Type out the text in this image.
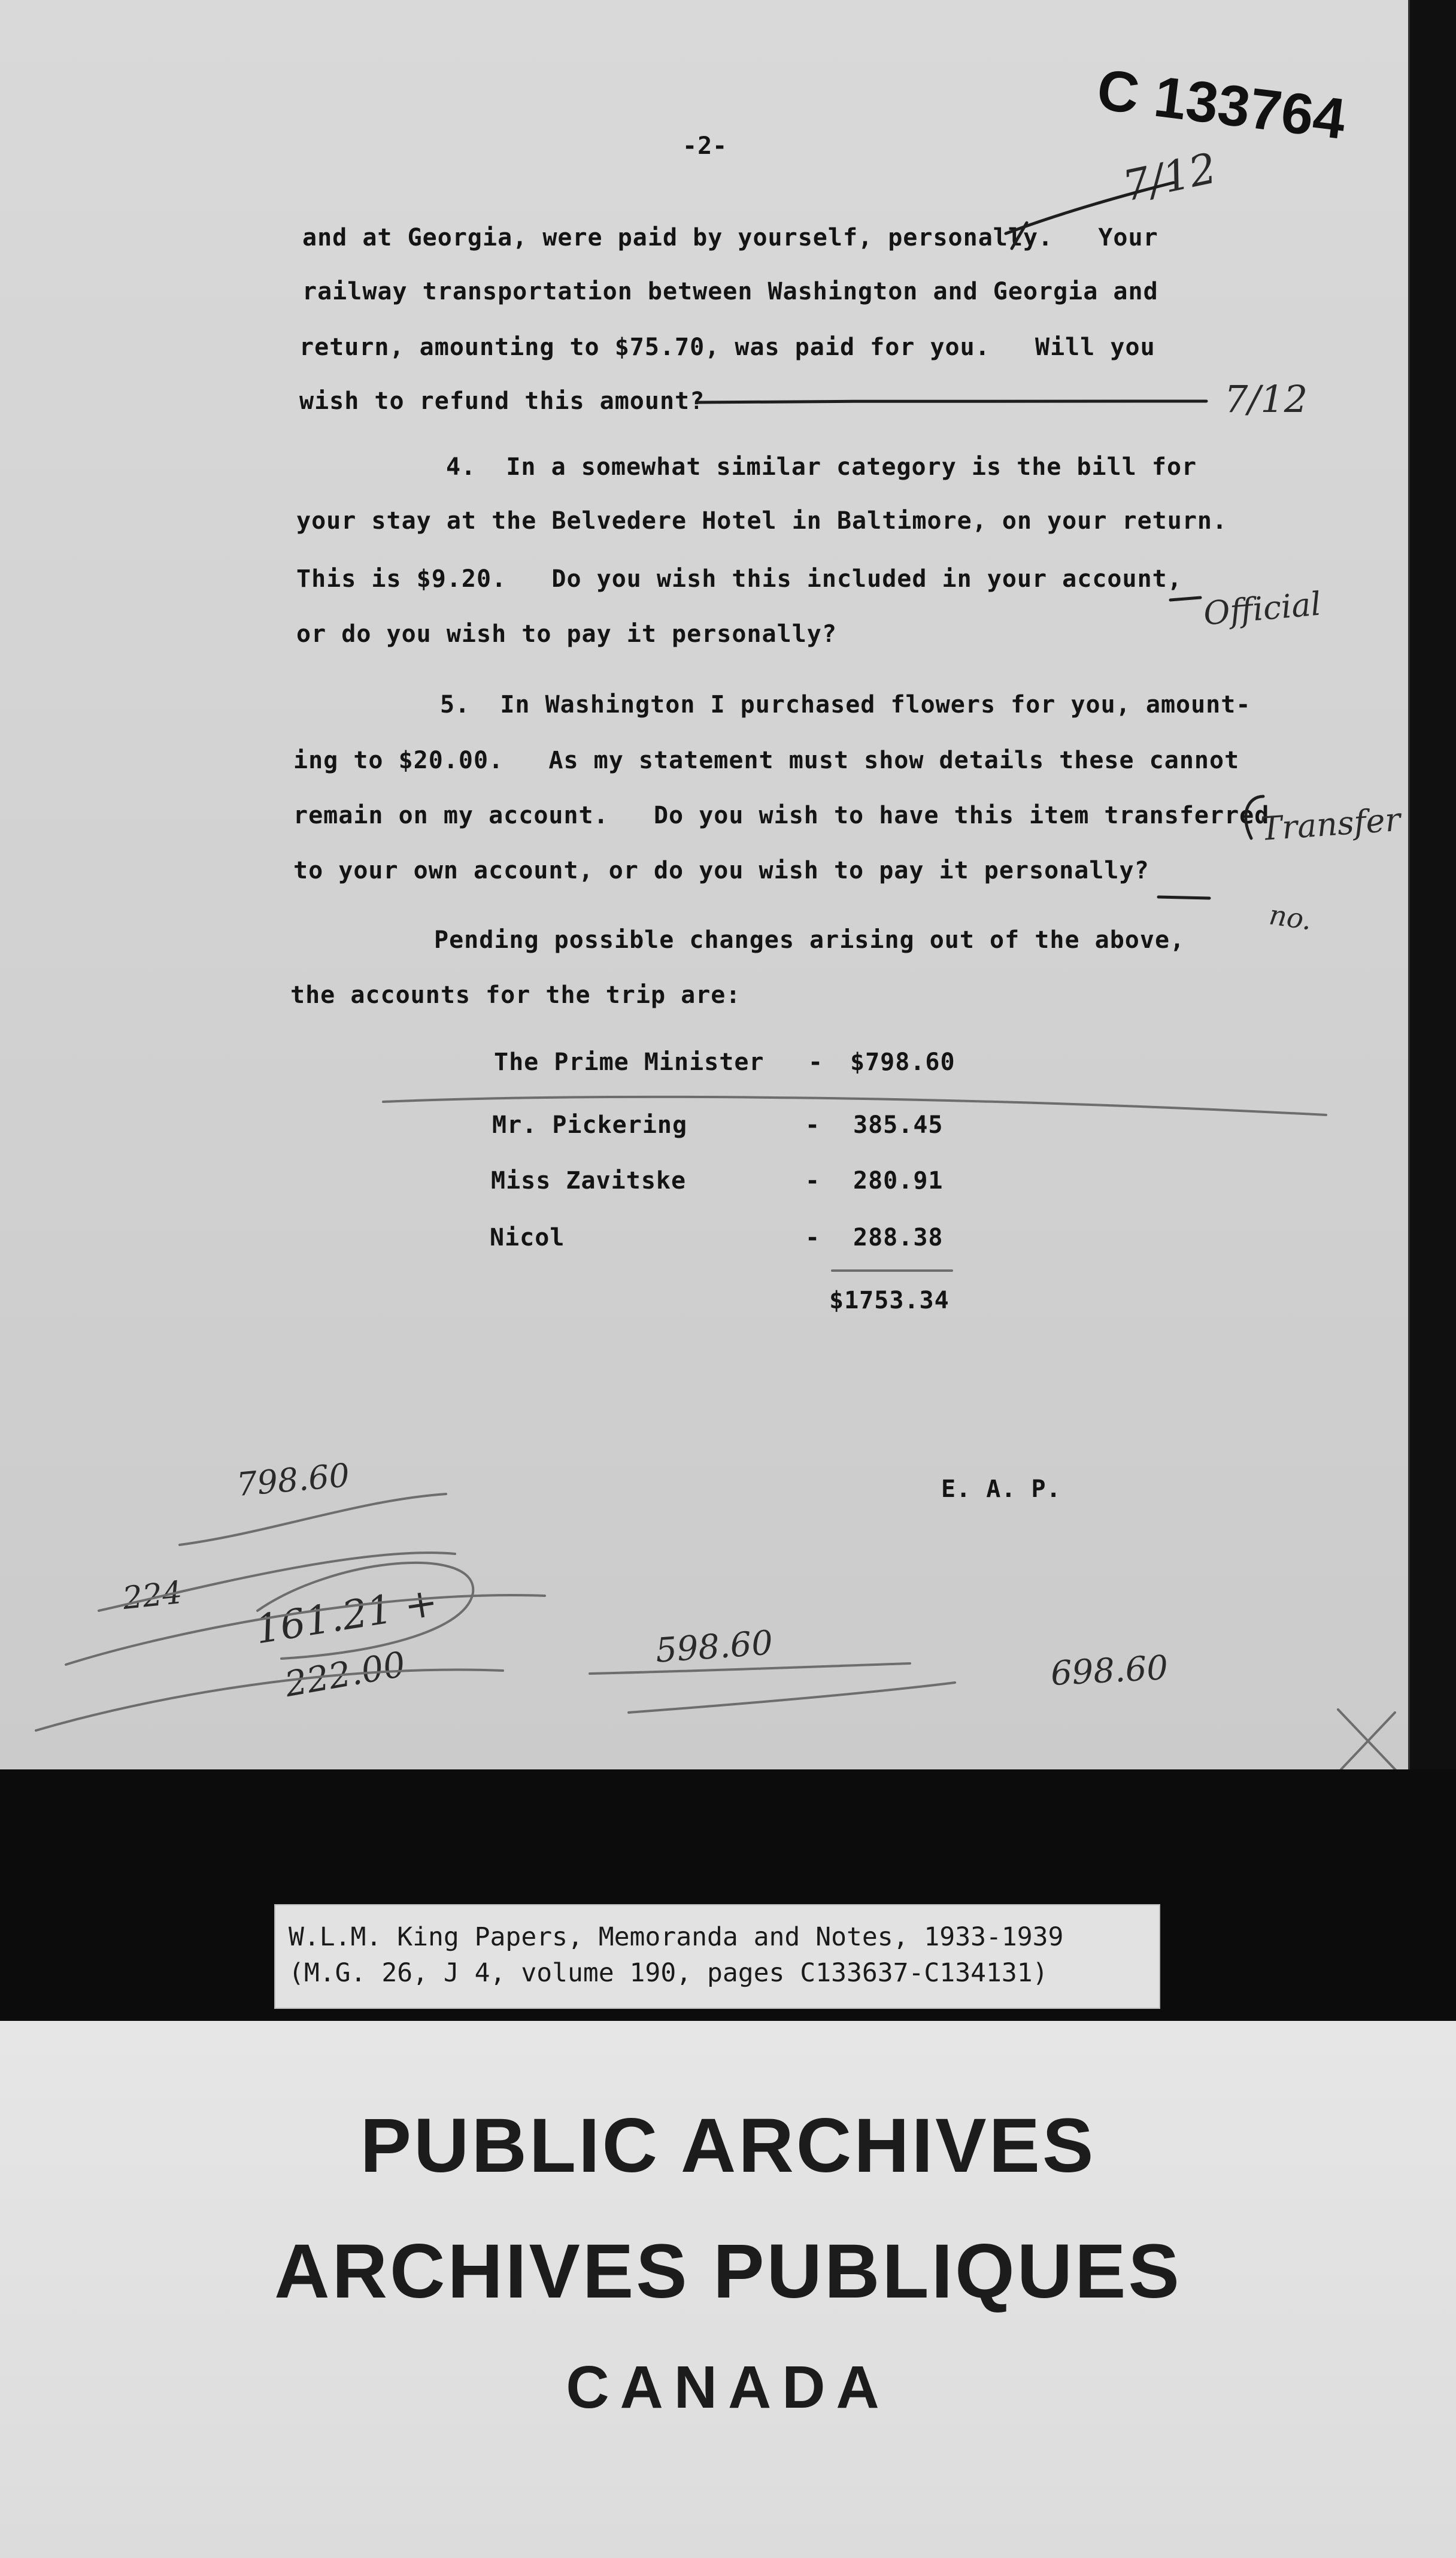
C 133764

-2-

and at Georgia, were paid by yourself, personally.   Your

railway transportation between Washington and Georgia and

return, amounting to $75.70, was paid for you.   Will you

wish to refund this amount?

4.  In a somewhat similar category is the bill for

your stay at the Belvedere Hotel in Baltimore, on your return.

This is $9.20.   Do you wish this included in your account,

or do you wish to pay it personally?

5.  In Washington I purchased flowers for you, amount-

ing to $20.00.   As my statement must show details these cannot

remain on my account.   Do you wish to have this item transferred

to your own account, or do you wish to pay it personally?

Pending possible changes arising out of the above,

the accounts for the trip are:

The Prime Minister - $798.60

Mr. Pickering	- 385.45

Miss Zavitske	- 280.91

Nicol	- 288.38

$1753.34

E. A. P.

7/12

7/12

Official

Transfer

no.

798.60

224 161.21 +

222.00	598.60

698.60

W.L.M. King Papers, Memoranda and Notes, 1933-1939

(M.G. 26, J 4, volume 190, pages C133637-C134131)

PUBLIC ARCHIVES

ARCHIVES PUBLIQUES

CANADA
